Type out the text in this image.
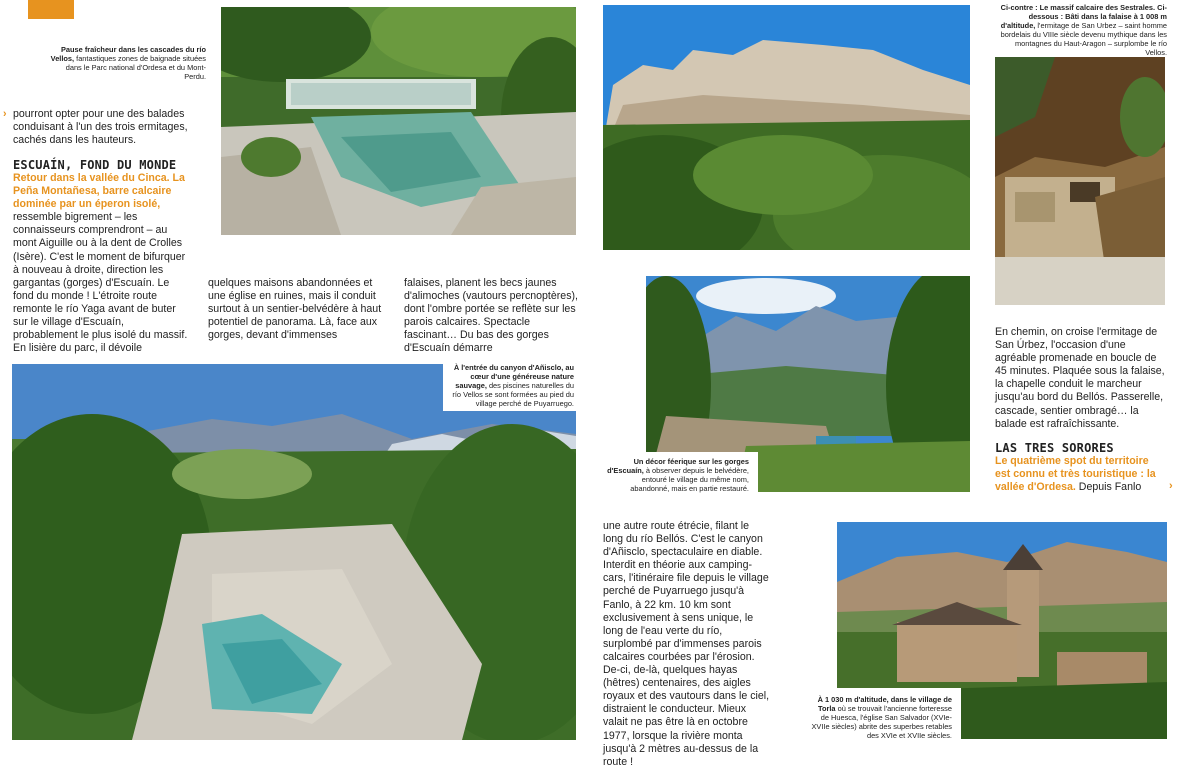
Pause fraîcheur dans les cascades du río Vellos, fantastiques zones de baignade situées dans le Parc national d'Ordesa et du Mont-Perdu.
› pourront opter pour une des balades conduisant à l'un des trois ermitages, cachés dans les hauteurs.
ESCUAÍN, FOND DU MONDE
Retour dans la vallée du Cinca. La Peña Montañesa, barre calcaire dominée par un éperon isolé, ressemble bigrement – les connaisseurs comprendront – au mont Aiguille ou à la dent de Crolles (Isère). C'est le moment de bifurquer à nouveau à droite, direction les gargantas (gorges) d'Escuaín. Le fond du monde ! L'étroite route remonte le río Yaga avant de buter sur le village d'Escuaín, probablement le plus isolé du massif. En lisière du parc, il dévoile
quelques maisons abandonnées et une église en ruines, mais il conduit surtout à un sentier-belvédère à haut potentiel de panorama. Là, face aux gorges, devant d'immenses
falaises, planent les becs jaunes d'alimoches (vautours percnoptères), dont l'ombre portée se reflète sur les parois calcaires. Spectacle fascinant… Du bas des gorges d'Escuaín démarre
À l'entrée du canyon d'Añisclo, au cœur d'une généreuse nature sauvage, des piscines naturelles du río Vellos se sont formées au pied du village perché de Puyarruego.
Ci-contre : Le massif calcaire des Sestrales. Ci-dessous : Bâti dans la falaise à 1 008 m d'altitude, l'ermitage de San Urbez – saint homme bordelais du VIIIe siècle devenu mythique dans les montagnes du Haut-Aragon – surplombe le río Vellos.
Un décor féerique sur les gorges d'Escuaín, à observer depuis le belvédère, entouré le village du même nom, abandonné, mais en partie restauré.
En chemin, on croise l'ermitage de San Úrbez, l'occasion d'une agréable promenade en boucle de 45 minutes. Plaquée sous la falaise, la chapelle conduit le marcheur jusqu'au bord du Bellós. Passerelle, cascade, sentier ombragé… la balade est rafraîchissante.
LAS TRES SORORES
Le quatrième spot du territoire est connu et très touristique : la vallée d'Ordesa. Depuis Fanlo	›
une autre route étrécie, filant le long du río Bellós. C'est le canyon d'Añisclo, spectaculaire en diable. Interdit en théorie aux camping-cars, l'itinéraire file depuis le village perché de Puyarruego jusqu'à Fanlo, à 22 km. 10 km sont exclusivement à sens unique, le long de l'eau verte du río, surplombé par d'immenses parois calcaires courbées par l'érosion. De-ci, de-là, quelques hayas (hêtres) centenaires, des aigles royaux et des vautours dans le ciel, distraient le conducteur. Mieux valait ne pas être là en octobre 1977, lorsque la rivière monta jusqu'à 2 mètres au-dessus de la route !
À 1 030 m d'altitude, dans le village de Torla où se trouvait l'ancienne forteresse de Huesca, l'église San Salvador (XVIe-XVIIe siècles) abrite des superbes retables des XVIe et XVIIe siècles.
